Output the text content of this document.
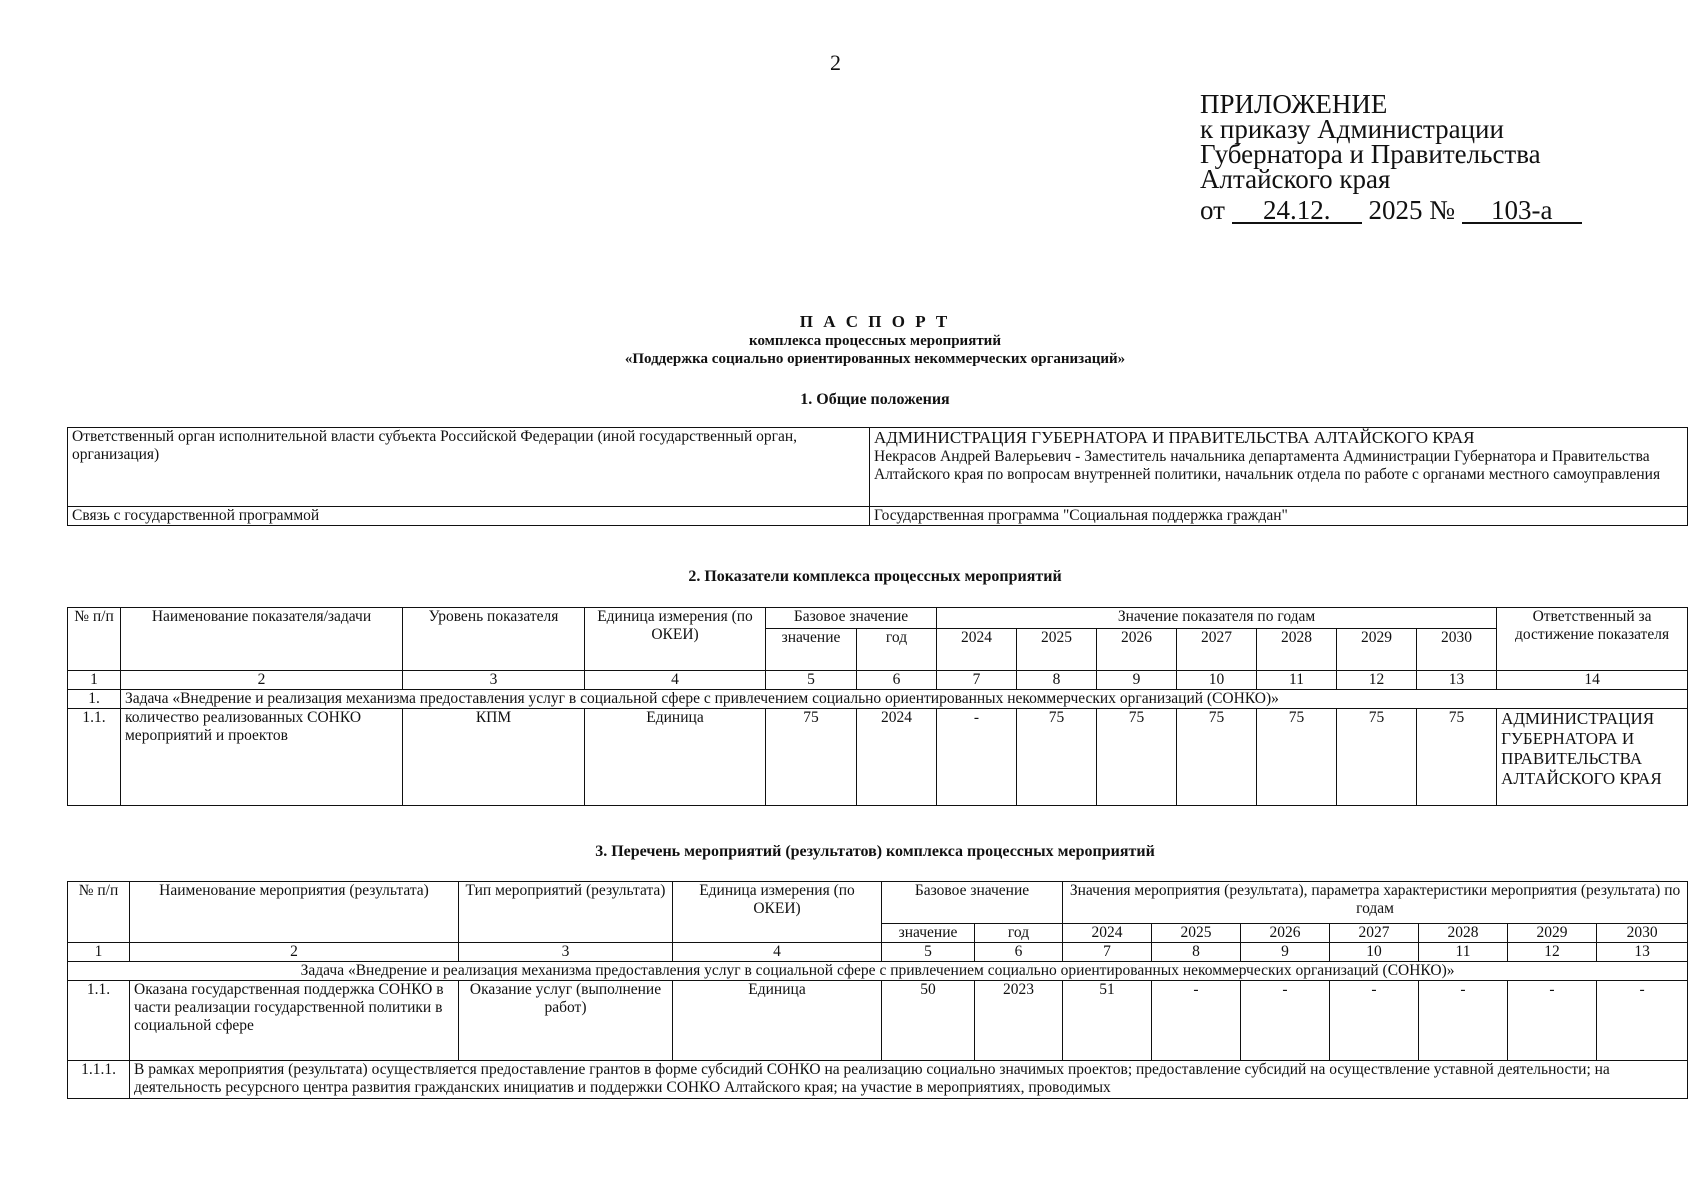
2
ПРИЛОЖЕНИЕ
к приказу Администрации
Губернатора и Правительства
Алтайского края
от 24.12. 2025 № 103-а
П А С П О Р Т
комплекса процессных мероприятий
«Поддержка социально ориентированных некоммерческих организаций»
1. Общие положения
Ответственный орган исполнительной власти субъекта Российской Федерации (иной государственный орган, организация)	АДМИНИСТРАЦИЯ ГУБЕРНАТОРА И ПРАВИТЕЛЬСТВА АЛТАЙСКОГО КРАЯ
Некрасов Андрей Валерьевич - Заместитель начальника департамента Администрации Губернатора и Правительства Алтайского края по вопросам внутренней политики, начальник отдела по работе с органами местного самоуправления

Связь с государственной программой	Государственная программа "Социальная поддержка граждан"
2. Показатели комплекса процессных мероприятий
№ п/п	Наименование показателя/задачи	Уровень показателя	Единица измерения (по ОКЕИ)	Базовое значение		Значение показателя по годам							Ответственный за достижение показателя
				значение	год	2024	2025	2026	2027	2028	2029	2030	
1	2	3	4	5	6	7	8	9	10	11	12	13	14
1.	Задача «Внедрение и реализация механизма предоставления услуг в социальной сфере с привлечением социально ориентированных некоммерческих организаций (СОНКО)»												
1.1.	количество реализованных СОНКО мероприятий и проектов	КПМ	Единица	75	2024	-	75	75	75	75	75	75	АДМИНИСТРАЦИЯ ГУБЕРНАТОРА И ПРАВИТЕЛЬСТВА АЛТАЙСКОГО КРАЯ
3. Перечень мероприятий (результатов) комплекса процессных мероприятий
№ п/п	Наименование мероприятия (результата)	Тип мероприятий (результата)	Единица измерения (по ОКЕИ)	Базовое значение		Значения мероприятия (результата), параметра характеристики мероприятия (результата) по годам						
				значение	год	2024	2025	2026	2027	2028	2029	2030
1	2	3	4	5	6	7	8	9	10	11	12	13
Задача «Внедрение и реализация механизма предоставления услуг в социальной сфере с привлечением социально ориентированных некоммерческих организаций (СОНКО)»												
1.1.	Оказана государственная поддержка СОНКО в части реализации государственной политики в социальной сфере	Оказание услуг (выполнение работ)	Единица	50	2023	51	-	-	-	-	-	-
1.1.1.	В рамках мероприятия (результата) осуществляется предоставление грантов в форме субсидий СОНКО на реализацию социально значимых проектов; предоставление субсидий на осуществление уставной деятельности; на деятельность ресурсного центра развития гражданских инициатив и поддержки СОНКО Алтайского края; на участие в мероприятиях, проводимых											
